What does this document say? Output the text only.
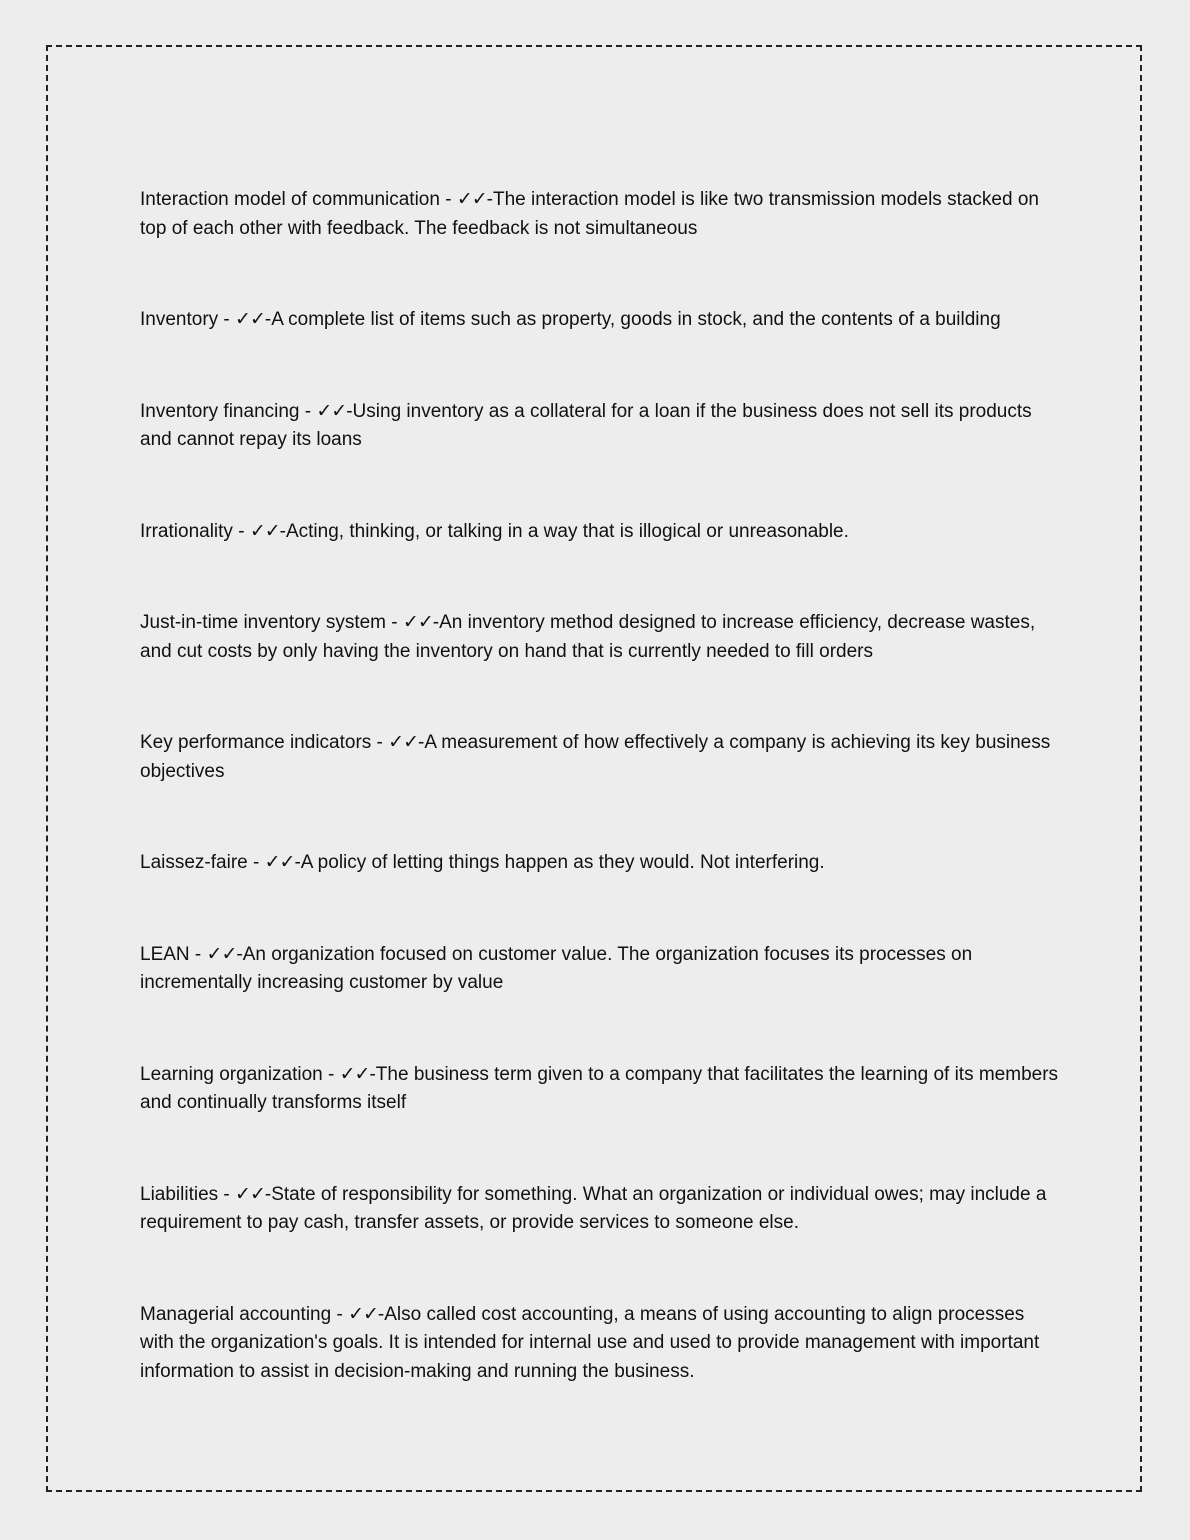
Interaction model of communication - ✓✓-The interaction model is like two transmission models stacked on top of each other with feedback. The feedback is not simultaneous

Inventory - ✓✓-A complete list of items such as property, goods in stock, and the contents of a building

Inventory financing - ✓✓-Using inventory as a collateral for a loan if the business does not sell its products and cannot repay its loans

Irrationality - ✓✓-Acting, thinking, or talking in a way that is illogical or unreasonable.

Just-in-time inventory system - ✓✓-An inventory method designed to increase efficiency, decrease wastes, and cut costs by only having the inventory on hand that is currently needed to fill orders

Key performance indicators - ✓✓-A measurement of how effectively a company is achieving its key business objectives

Laissez-faire - ✓✓-A policy of letting things happen as they would. Not interfering.

LEAN - ✓✓-An organization focused on customer value. The organization focuses its processes on incrementally increasing customer by value

Learning organization - ✓✓-The business term given to a company that facilitates the learning of its members and continually transforms itself

Liabilities - ✓✓-State of responsibility for something. What an organization or individual owes; may include a requirement to pay cash, transfer assets, or provide services to someone else.

Managerial accounting - ✓✓-Also called cost accounting, a means of using accounting to align processes with the organization's goals. It is intended for internal use and used to provide management with important information to assist in decision-making and running the business.
